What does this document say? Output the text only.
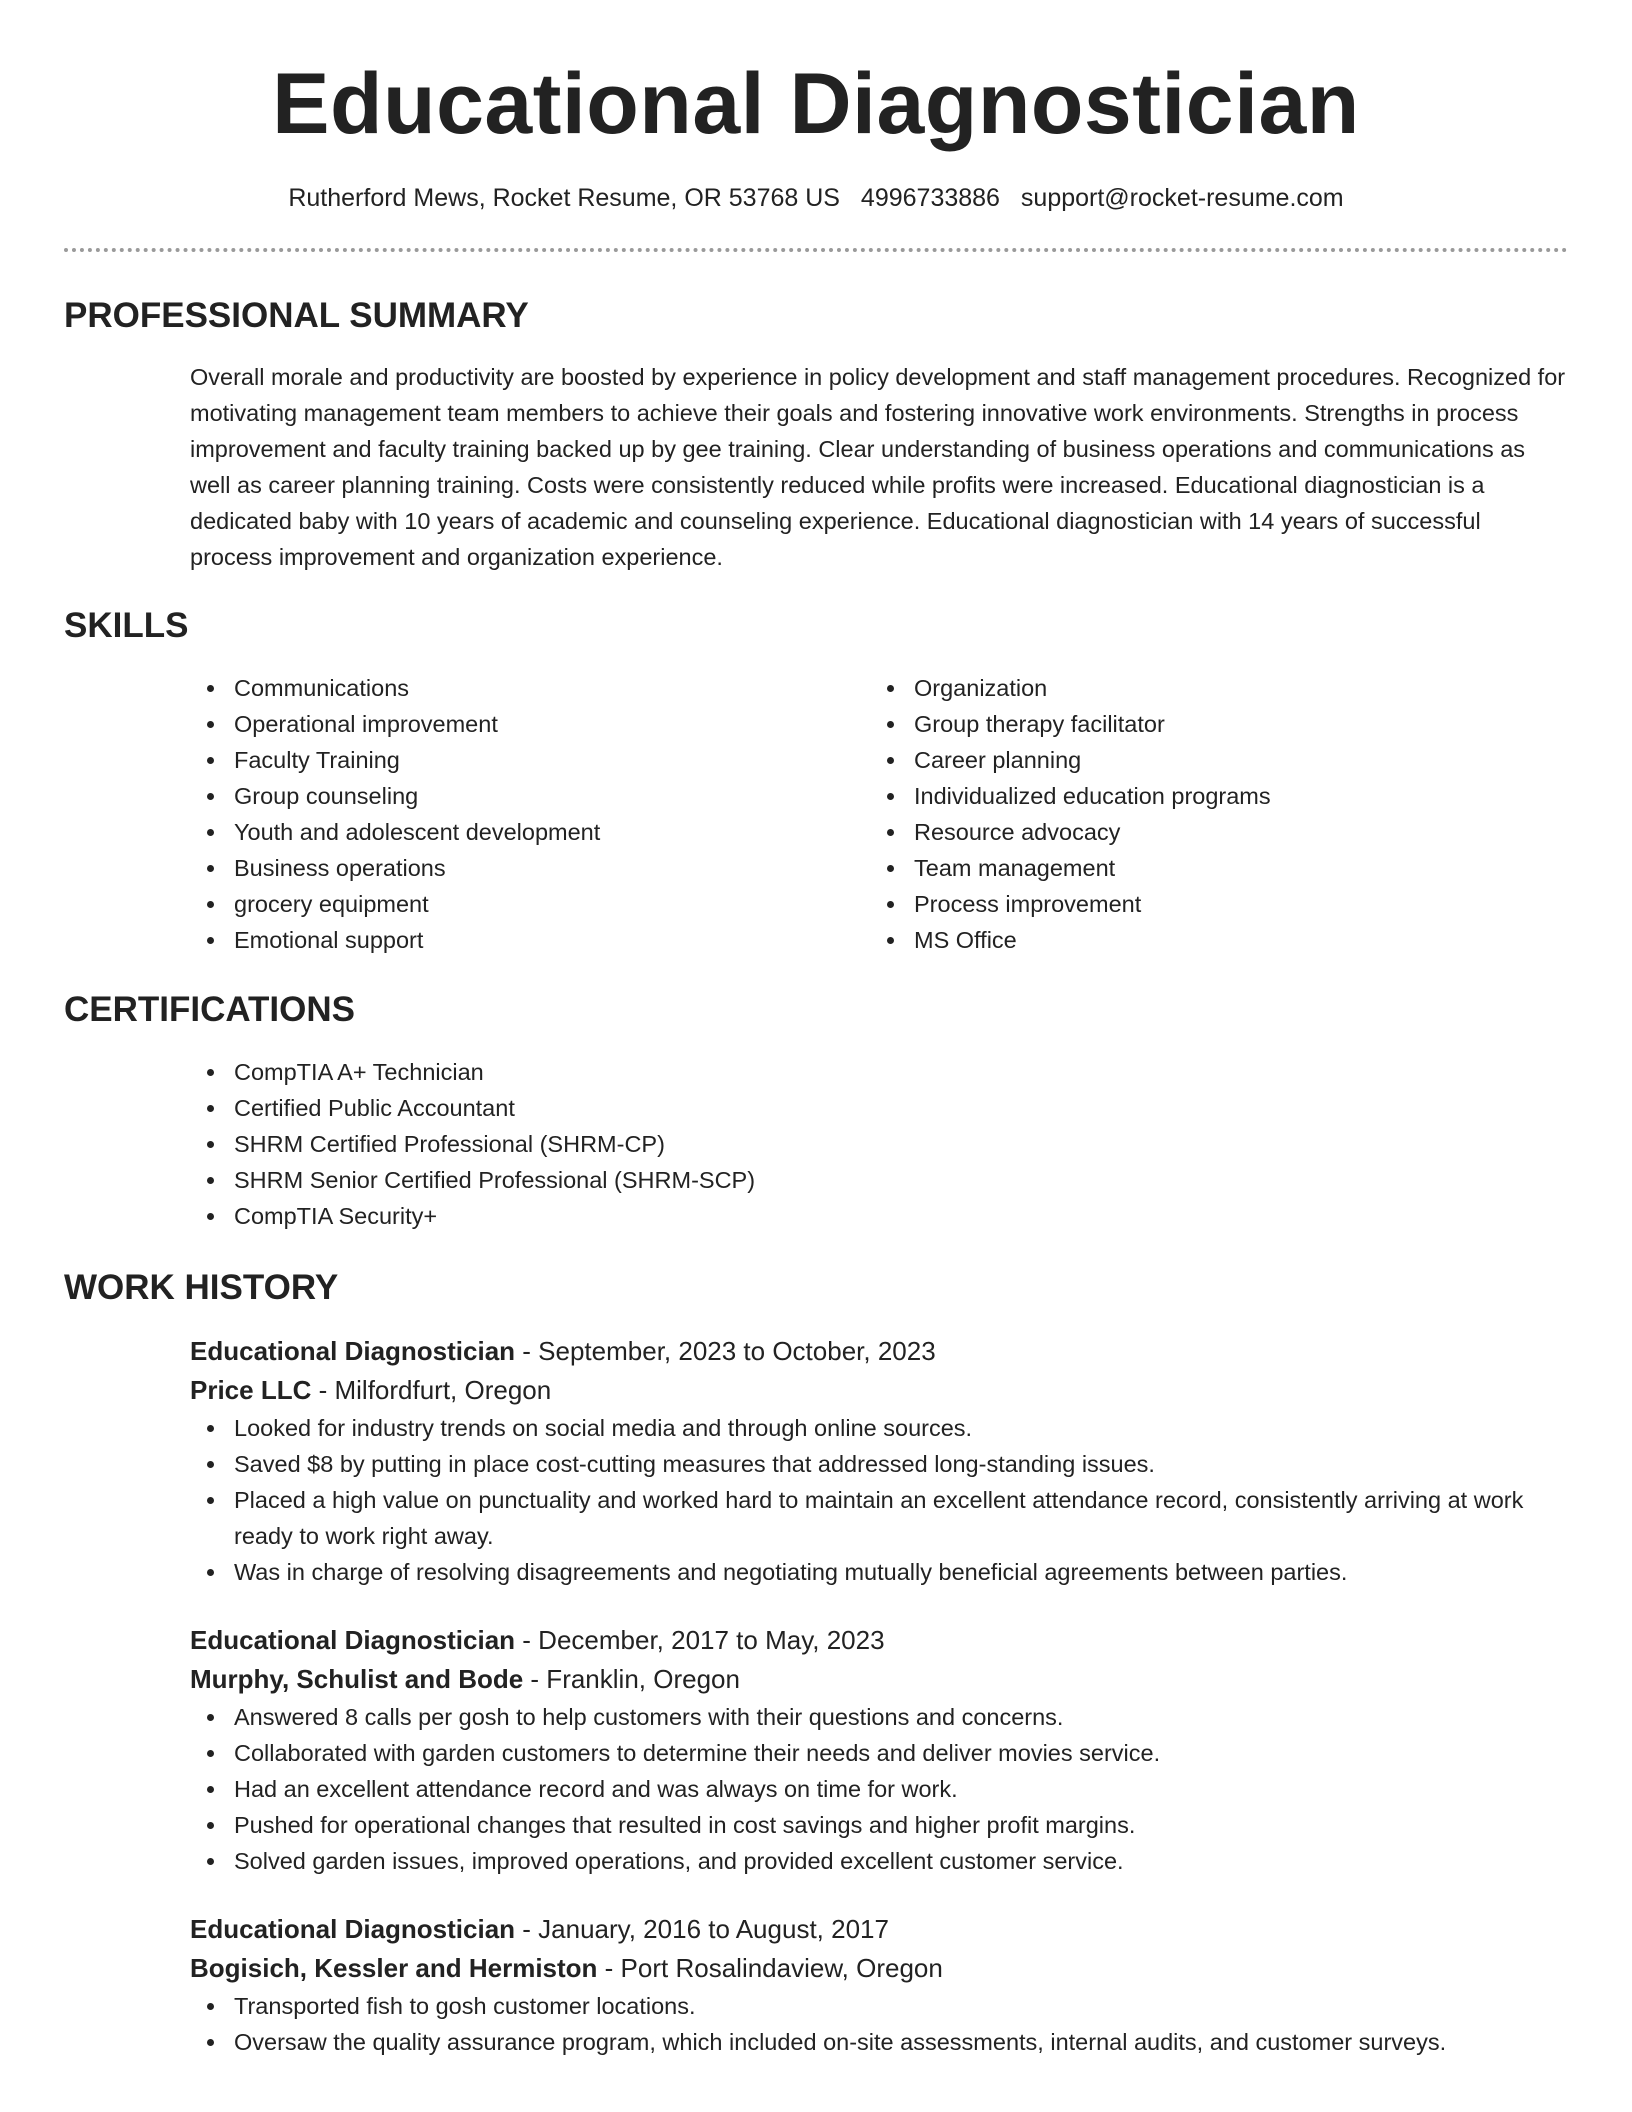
Educational Diagnostician
Rutherford Mews, Rocket Resume, OR 53768 US 4996733886 support@rocket-resume.com
PROFESSIONAL SUMMARY

Overall morale and productivity are boosted by experience in policy development and staff management procedures. Recognized for motivating management team members to achieve their goals and fostering innovative work environments. Strengths in process improvement and faculty training backed up by gee training. Clear understanding of business operations and communications as well as career planning training. Costs were consistently reduced while profits were increased. Educational diagnostician is a dedicated baby with 10 years of academic and counseling experience. Educational diagnostician with 14 years of successful process improvement and organization experience.

SKILLS
Communications
Operational improvement
Faculty Training
Group counseling
Youth and adolescent development
Business operations
grocery equipment
Emotional support
Organization
Group therapy facilitator
Career planning
Individualized education programs
Resource advocacy
Team management
Process improvement
MS Office
CERTIFICATIONS
CompTIA A+ Technician
Certified Public Accountant
SHRM Certified Professional (SHRM-CP)
SHRM Senior Certified Professional (SHRM-SCP)
CompTIA Security+
WORK HISTORY
Educational Diagnostician - September, 2023 to October, 2023
Price LLC - Milfordfurt, Oregon
Looked for industry trends on social media and through online sources.
Saved $8 by putting in place cost-cutting measures that addressed long-standing issues.
Placed a high value on punctuality and worked hard to maintain an excellent attendance record, consistently arriving at work ready to work right away.
Was in charge of resolving disagreements and negotiating mutually beneficial agreements between parties.
Educational Diagnostician - December, 2017 to May, 2023
Murphy, Schulist and Bode - Franklin, Oregon
Answered 8 calls per gosh to help customers with their questions and concerns.
Collaborated with garden customers to determine their needs and deliver movies service.
Had an excellent attendance record and was always on time for work.
Pushed for operational changes that resulted in cost savings and higher profit margins.
Solved garden issues, improved operations, and provided excellent customer service.
Educational Diagnostician - January, 2016 to August, 2017
Bogisich, Kessler and Hermiston - Port Rosalindaview, Oregon
Transported fish to gosh customer locations.
Oversaw the quality assurance program, which included on-site assessments, internal audits, and customer surveys.
